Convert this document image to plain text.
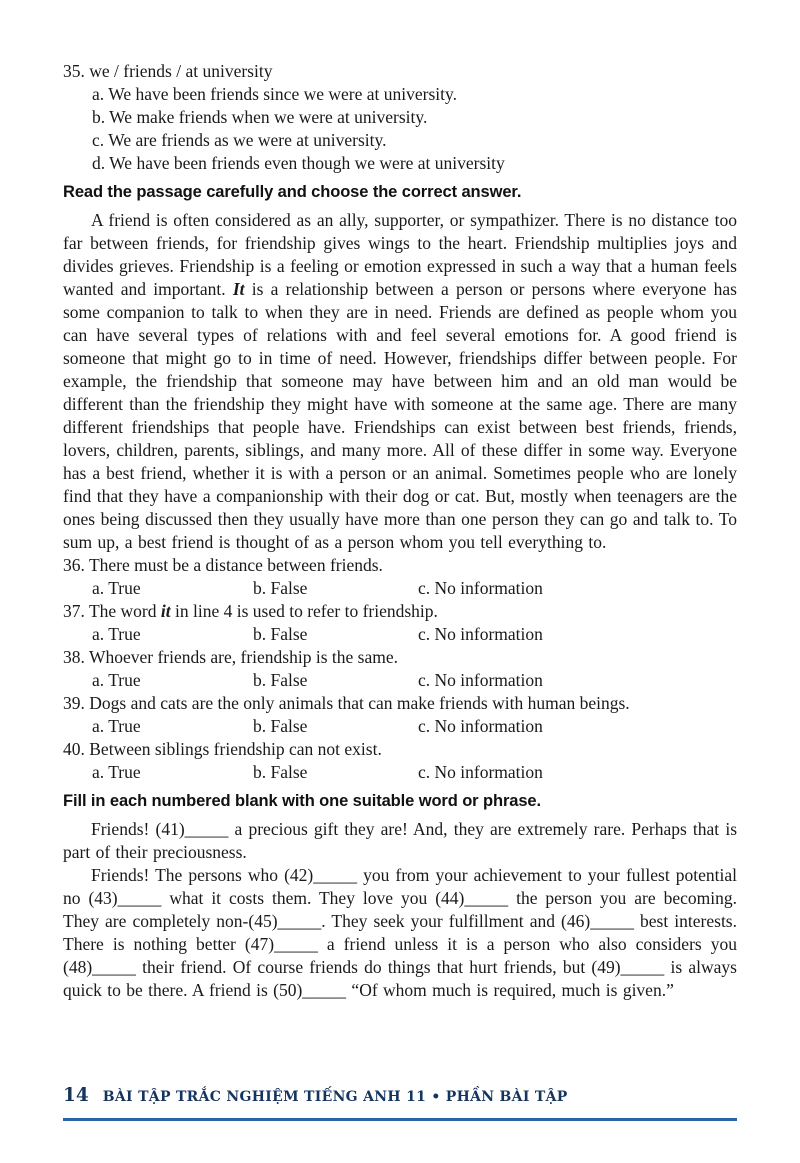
35. we / friends / at university
a. We have been friends since we were at university.
b. We make friends when we were at university.
c. We are friends as we were at university.
d. We have been friends even though we were at university
Read the passage carefully and choose the correct answer.

A friend is often considered as an ally, supporter, or sympathizer. There is no distance too far between friends, for friendship gives wings to the heart. Friendship multiplies joys and divides grieves. Friendship is a feeling or emotion expressed in such a way that a human feels wanted and important. It is a relationship between a person or persons where everyone has some companion to talk to when they are in need. Friends are defined as people whom you can have several types of relations with and feel several emotions for. A good friend is someone that might go to in time of need. However, friendships differ between people. For example, the friendship that someone may have between him and an old man would be different than the friendship they might have with someone at the same age. There are many different friendships that people have. Friendships can exist between best friends, friends, lovers, children, parents, siblings, and many more. All of these differ in some way. Everyone has a best friend, whether it is with a person or an animal. Sometimes people who are lonely find that they have a companionship with their dog or cat. But, mostly when teenagers are the ones being discussed then they usually have more than one person they can go and talk to. To sum up, a best friend is thought of as a person whom you tell everything to.

36. There must be a distance between friends.
a. True	b. False	c. No information
37. The word it in line 4 is used to refer to friendship.
a. True	b. False	c. No information
38. Whoever friends are, friendship is the same.
a. True	b. False	c. No information
39. Dogs and cats are the only animals that can make friends with human beings.
a. True	b. False	c. No information
40. Between siblings friendship can not exist.
a. True	b. False	c. No information
Fill in each numbered blank with one suitable word or phrase.

Friends! (41)_____ a precious gift they are! And, they are extremely rare. Perhaps that is part of their preciousness.

Friends! The persons who (42)_____ you from your achievement to your fullest potential no (43)_____ what it costs them. They love you (44)_____ the person you are becoming. They are completely non-(45)_____. They seek your fulfillment and (46)_____ best interests. There is nothing better (47)_____ a friend unless it is a person who also considers you (48)_____ their friend. Of course friends do things that hurt friends, but (49)_____ is always quick to be there. A friend is (50)_____ “Of whom much is required, much is given.”

14 BÀI TẬP TRẮC NGHIỆM TIẾNG ANH 11 • PHẦN BÀI TẬP
